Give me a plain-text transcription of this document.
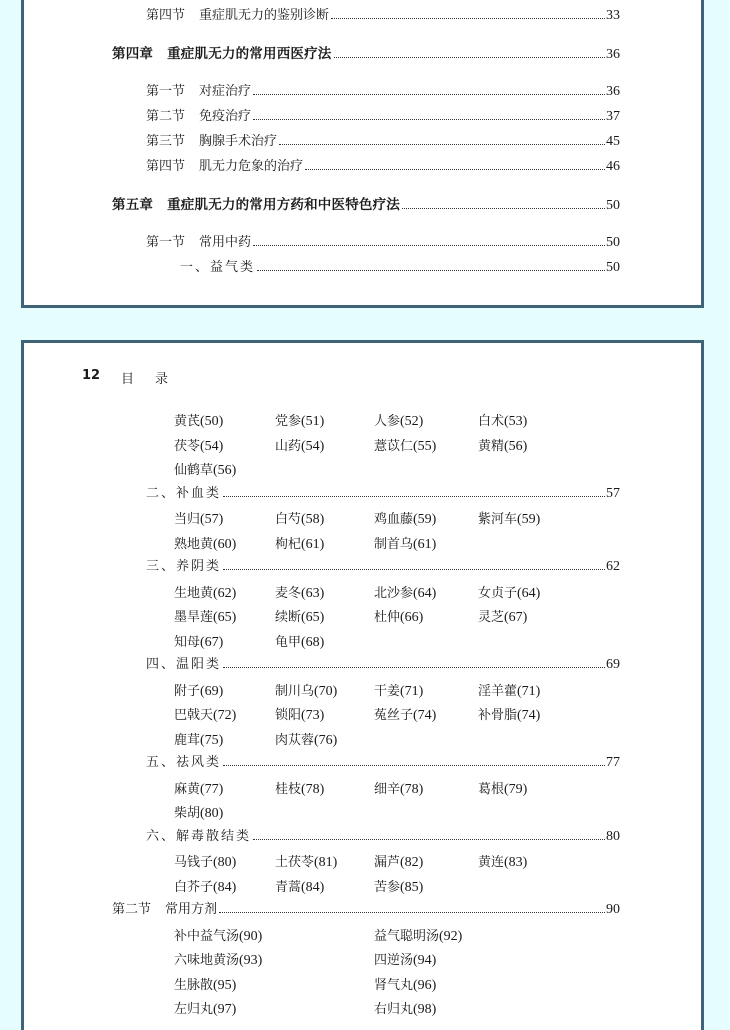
第四节 重症肌无力的鉴别诊断	33
第四章 重症肌无力的常用西医疗法	36
第一节 对症治疗	36
第二节 免疫治疗	37
第三节 胸腺手术治疗	45
第四节 肌无力危象的治疗	46
第五章 重症肌无力的常用方药和中医特色疗法	50
第一节 常用中药	50
一、益气类	50
12	目	录
黄芪(50)	党参(51)	人参(52)	白术(53)
茯苓(54)	山药(54)	薏苡仁(55)	黄精(56)
仙鹤草(56)
二、补血类	57
当归(57)	白芍(58)	鸡血藤(59)	紫河车(59)
熟地黄(60)	枸杞(61)	制首乌(61)
三、养阴类	62
生地黄(62)	麦冬(63)	北沙参(64)	女贞子(64)
墨旱莲(65)	续断(65)	杜仲(66)	灵芝(67)
知母(67)	龟甲(68)
四、温阳类	69
附子(69)	制川乌(70)	干姜(71)	淫羊藿(71)
巴戟天(72)	锁阳(73)	菟丝子(74)	补骨脂(74)
鹿茸(75)	肉苁蓉(76)
五、祛风类	77
麻黄(77)	桂枝(78)	细辛(78)	葛根(79)
柴胡(80)
六、解毒散结类	80
马钱子(80)	土茯苓(81)	漏芦(82)	黄连(83)
白芥子(84)	青蒿(84)	苦参(85)
第二节 常用方剂	90
补中益气汤(90)	益气聪明汤(92)
六味地黄汤(93)	四逆汤(94)
生脉散(95)	肾气丸(96)
左归丸(97)	右归丸(98)
